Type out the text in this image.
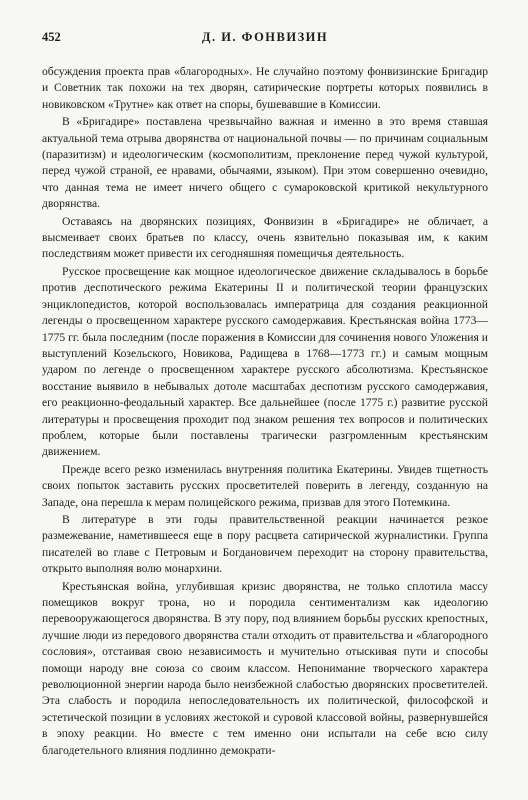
452	Д. И. ФОНВИЗИН

обсуждения проекта прав «благородных». Не случайно поэтому фонвизинские Бригадир и Советник так похожи на тех дворян, сатирические портреты которых появились в новиковском «Трутне» как ответ на споры, бушевавшие в Комиссии.

В «Бригадире» поставлена чрезвычайно важная и именно в это время ставшая актуальной тема отрыва дворянства от национальной почвы — по причинам социальным (паразитизм) и идеологическим (космополитизм, преклонение перед чужой культурой, перед чужой страной, ее нравами, обычаями, языком). При этом совершенно очевидно, что данная тема не имеет ничего общего с сумароковской критикой некультурного дворянства.

Оставаясь на дворянских позициях, Фонвизин в «Бригадире» не обличает, а высмеивает своих братьев по классу, очень язвительно показывая им, к каким последствиям может привести их сегодняшняя помещичья деятельность.

Русское просвещение как мощное идеологическое движение складывалось в борьбе против деспотического режима Екатерины II и политической теории французских энциклопедистов, которой воспользовалась императрица для создания реакционной легенды о просвещенном характере русского самодержавия. Крестьянская война 1773—1775 гг. была последним (после поражения в Комиссии для сочинения нового Уложения и выступлений Козельского, Новикова, Радищева в 1768—1773 гг.) и самым мощным ударом по легенде о просвещенном характере русского абсолютизма. Крестьянское восстание выявило в небывалых дотоле масштабах деспотизм русского самодержавия, его реакционно-феодальный характер. Все дальнейшее (после 1775 г.) развитие русской литературы и просвещения проходит под знаком решения тех вопросов и политических проблем, которые были поставлены трагически разгромленным крестьянским движением.

Прежде всего резко изменилась внутренняя политика Екатерины. Увидев тщетность своих попыток заставить русских просветителей поверить в легенду, созданную на Западе, она перешла к мерам полицейского режима, призвав для этого Потемкина.

В литературе в эти годы правительственной реакции начинается резкое размежевание, наметившееся еще в пору расцвета сатирической журналистики. Группа писателей во главе с Петровым и Богдановичем переходит на сторону правительства, открыто выполняя волю монархини.

Крестьянская война, углубившая кризис дворянства, не только сплотила массу помещиков вокруг трона, но и породила сентиментализм как идеологию перевооружающегося дворянства. В эту пору, под влиянием борьбы русских крепостных, лучшие люди из передового дворянства стали отходить от правительства и «благородного сословия», отстаивая свою независимость и мучительно отыскивая пути и способы помощи народу вне союза со своим классом. Непонимание творческого характера революционной энергии народа было неизбежной слабостью дворянских просветителей. Эта слабость и породила непоследовательность их политической, философской и эстетической позиции в условиях жестокой и суровой классовой войны, развернувшейся в эпоху реакции. Но вместе с тем именно они испытали на себе всю силу благодетельного влияния подлинно демократи-
